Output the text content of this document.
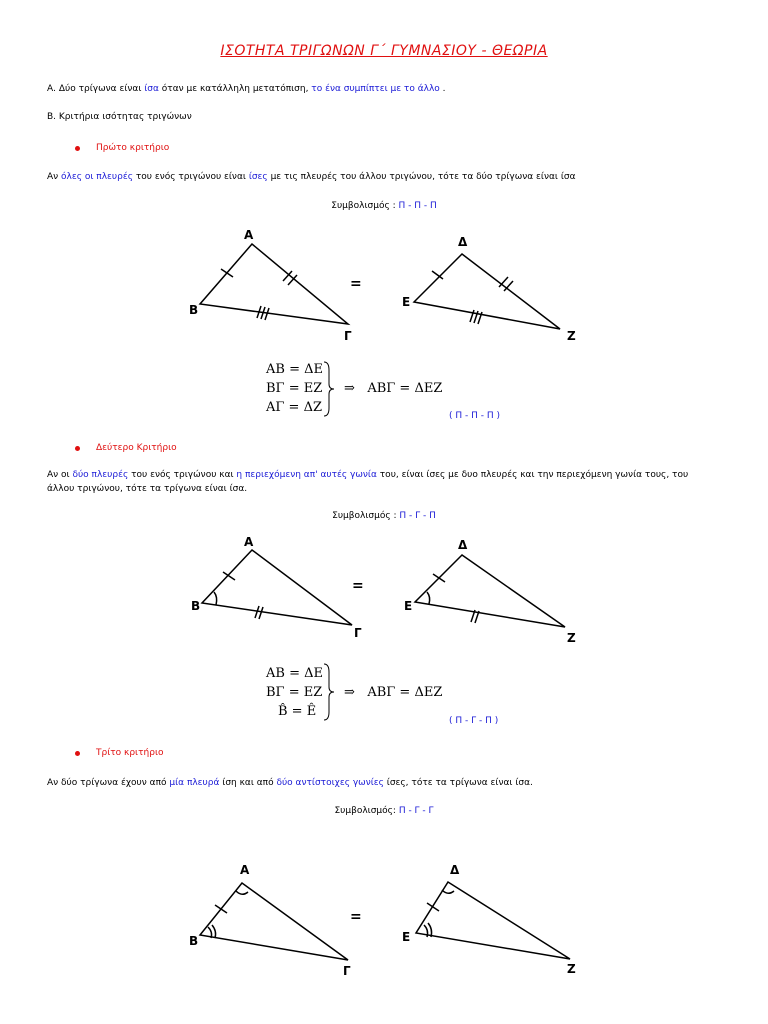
ΙΣΟΤΗΤΑ ΤΡΙΓΩΝΩΝ Γ΄ ΓΥΜΝΑΣΙΟΥ - ΘΕΩΡΙΑ
Α. Δύο τρίγωνα είναι ίσα όταν με κατάλληλη μετατόπιση, το ένα συμπίπτει με το άλλο .
Β. Κριτήρια ισότητας τριγώνων
Πρώτο κριτήριο
Αν όλες οι πλευρές του ενός τριγώνου είναι ίσες με τις πλευρές του άλλου τριγώνου, τότε τα δύο τρίγωνα είναι ίσα
Συμβολισμός : Π - Π - Π
Α
Β
Γ
Δ
Ε
Ζ
=
ΑΒ = ΔΕ
ΒΓ = ΕΖ
ΑΓ = ΔΖ
⇒ ΑΒΓ = ΔΕΖ
( Π - Π - Π )
Δεύτερο Κριτήριο
Αν οι δύο πλευρές του ενός τριγώνου και η περιεχόμενη απ' αυτές γωνία του, είναι ίσες με δυο πλευρές και την περιεχόμενη γωνία τους, του
άλλου τριγώνου, τότε τα τρίγωνα είναι ίσα.
Συμβολισμός : Π - Γ - Π
Α
Β
Γ
Δ
Ε
Ζ
=
ΑΒ = ΔΕ
ΒΓ = ΕΖ
B̂ = Ê
⇒ ΑΒΓ = ΔΕΖ
( Π - Γ - Π )
Τρίτο κριτήριο
Αν δύο τρίγωνα έχουν από μία πλευρά ίση και από δύο αντίστοιχες γωνίες ίσες, τότε τα τρίγωνα είναι ίσα.
Συμβολισμός: Π - Γ - Γ
Α
Β
Γ
Δ
Ε
Ζ
=
